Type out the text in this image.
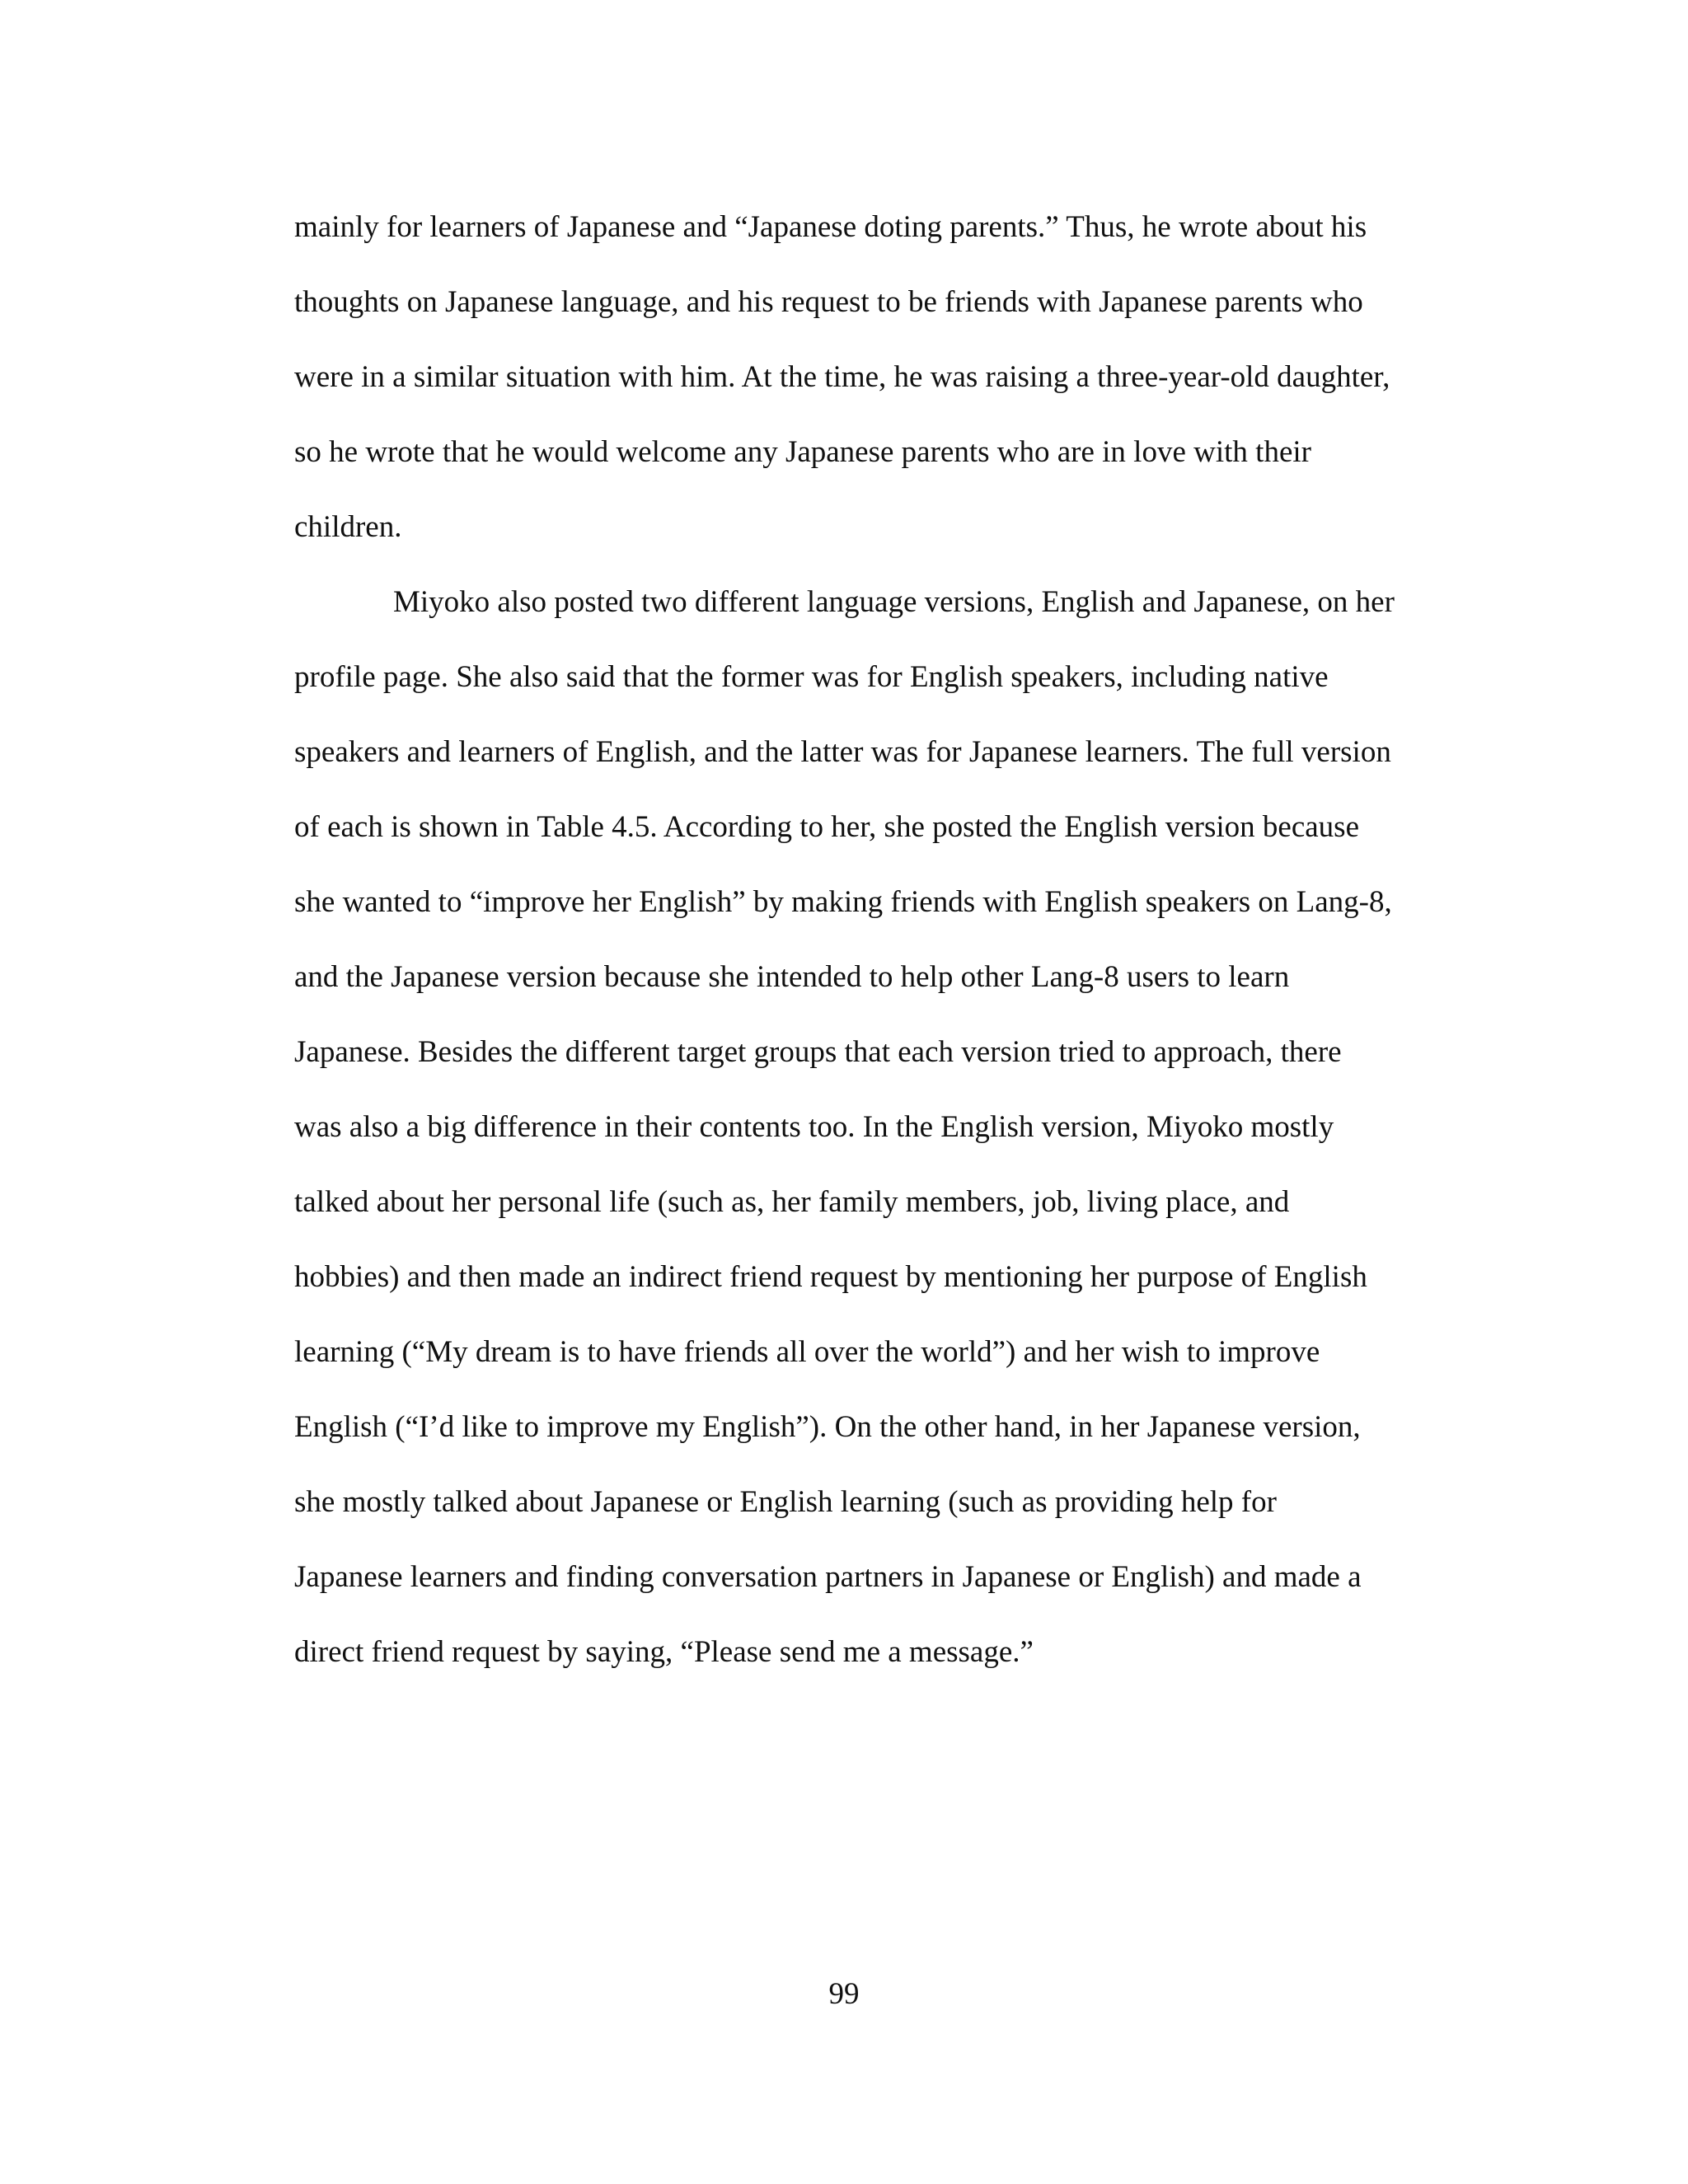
mainly for learners of Japanese and “Japanese doting parents.” Thus, he wrote about his
thoughts on Japanese language, and his request to be friends with Japanese parents who
were in a similar situation with him. At the time, he was raising a three-year-old daughter,
so he wrote that he would welcome any Japanese parents who are in love with their
children.
Miyoko also posted two different language versions, English and Japanese, on her
profile page. She also said that the former was for English speakers, including native
speakers and learners of English, and the latter was for Japanese learners. The full version
of each is shown in Table 4.5. According to her, she posted the English version because
she wanted to “improve her English” by making friends with English speakers on Lang-8,
and the Japanese version because she intended to help other Lang-8 users to learn
Japanese. Besides the different target groups that each version tried to approach, there
was also a big difference in their contents too. In the English version, Miyoko mostly
talked about her personal life (such as, her family members, job, living place, and
hobbies) and then made an indirect friend request by mentioning her purpose of English
learning (“My dream is to have friends all over the world”) and her wish to improve
English (“I’d like to improve my English”). On the other hand, in her Japanese version,
she mostly talked about Japanese or English learning (such as providing help for
Japanese learners and finding conversation partners in Japanese or English) and made a
direct friend request by saying, “Please send me a message.”
99
